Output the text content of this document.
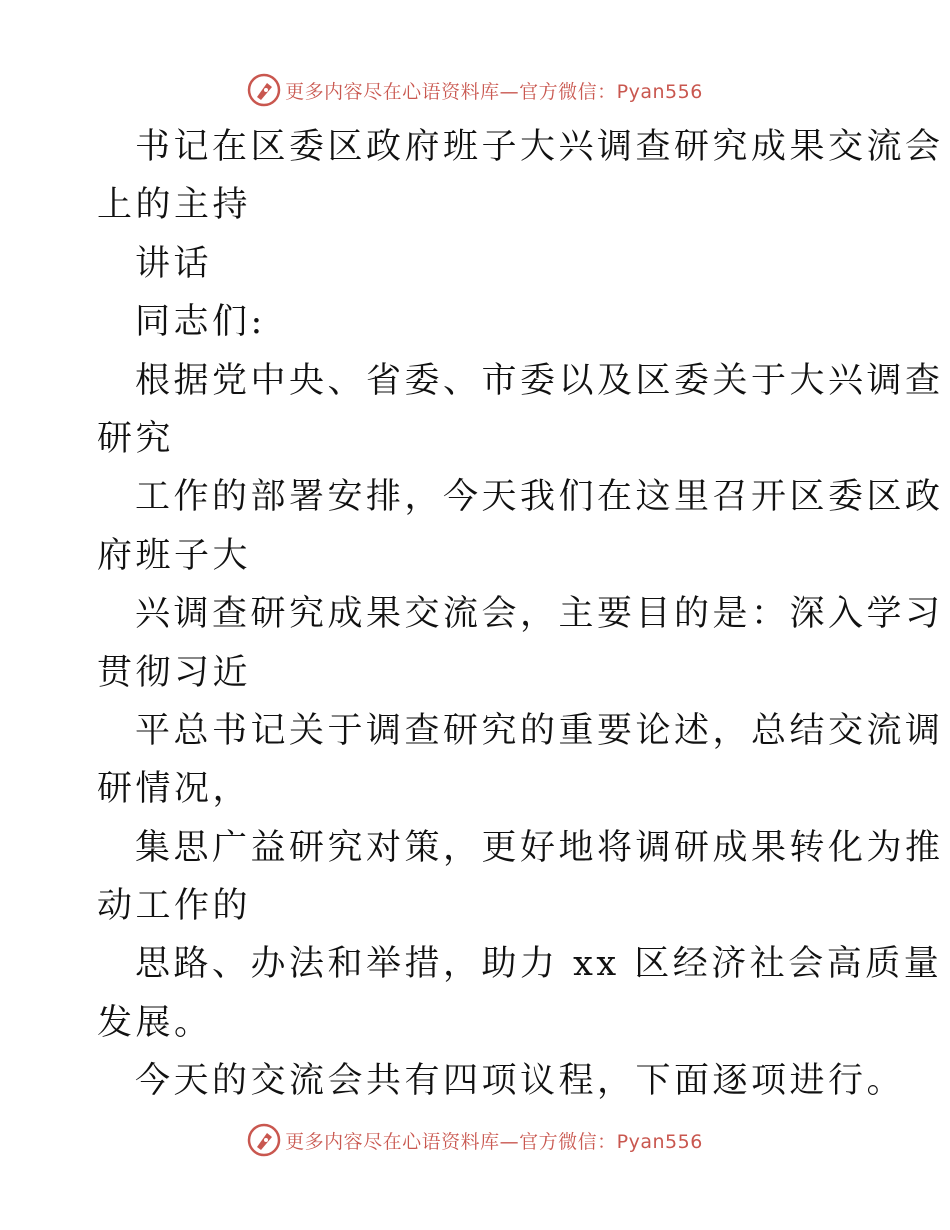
更多内容尽在心语资料库—官方微信：Pyan556
书记在区委区政府班子大兴调查研究成果交流会
上的主持
讲话
同志们:
根据党中央、省委、市委以及区委关于大兴调查
研究
工作的部署安排，今天我们在这里召开区委区政
府班子大
兴调查研究成果交流会，主要目的是：深入学习
贯彻习近
平总书记关于调查研究的重要论述，总结交流调
研情况，
集思广益研究对策，更好地将调研成果转化为推
动工作的
思路、办法和举措，助力 xx 区经济社会高质量
发展。
今天的交流会共有四项议程，下面逐项进行。
更多内容尽在心语资料库—官方微信：Pyan556
